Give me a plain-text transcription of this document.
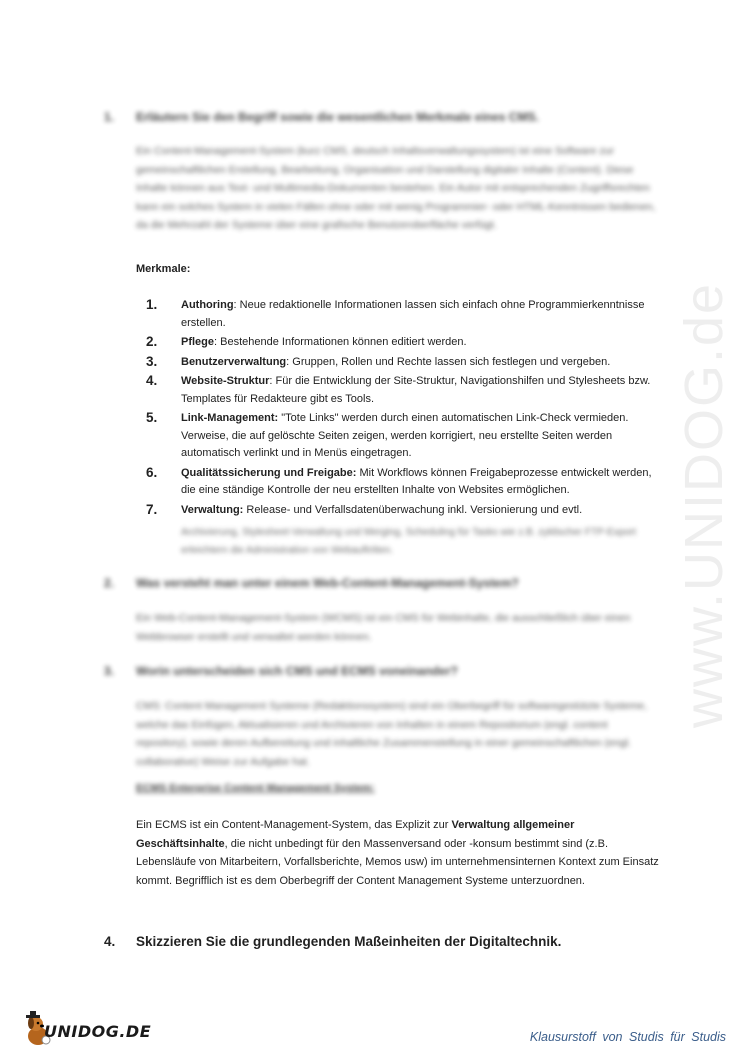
www.UNIDOG.de
1.	Erläutern Sie den Begriff sowie die wesentlichen Merkmale eines CMS.
Ein Content-Management-System (kurz CMS, deutsch Inhaltsverwaltungssystem) ist eine Software zur gemeinschaftlichen Erstellung, Bearbeitung, Organisation und Darstellung digitaler Inhalte (Content). Diese Inhalte können aus Text- und Multimedia-Dokumenten bestehen. Ein Autor mit entsprechenden Zugriffsrechten kann ein solches System in vielen Fällen ohne oder mit wenig Programmier- oder HTML-Kenntnissen bedienen, da die Mehrzahl der Systeme über eine grafische Benutzeroberfläche verfügt.
Merkmale:
1. Authoring: Neue redaktionelle Informationen lassen sich einfach ohne Programmierkenntnisse erstellen.
2. Pflege: Bestehende Informationen können editiert werden.
3. Benutzerverwaltung: Gruppen, Rollen und Rechte lassen sich festlegen und vergeben.
4. Website-Struktur: Für die Entwicklung der Site-Struktur, Navigationshilfen und Stylesheets bzw. Templates für Redakteure gibt es Tools.
5. Link-Management: "Tote Links" werden durch einen automatischen Link-Check vermieden. Verweise, die auf gelöschte Seiten zeigen, werden korrigiert, neu erstellte Seiten werden automatisch verlinkt und in Menüs eingetragen.
6. Qualitätssicherung und Freigabe: Mit Workflows können Freigabeprozesse entwickelt werden, die eine ständige Kontrolle der neu erstellten Inhalte von Websites ermöglichen.
7. Verwaltung: Release- und Verfallsdatenüberwachung inkl. Versionierung und evtl.
Archivierung, Stylesheet-Verwaltung und Merging, Scheduling für Tasks wie z.B. zyklischer FTP-Export erleichtern die Administration von Webauftritten.
2.	Was versteht man unter einem Web-Content-Management-System?
Ein Web-Content-Management-System (WCMS) ist ein CMS für Webinhalte, die ausschließlich über einen Webbrowser erstellt und verwaltet werden können.
3.	Worin unterscheiden sich CMS und ECMS voneinander?
CMS: Content Management Systeme (Redaktionssystem) sind ein Oberbegriff für softwaregestützte Systeme, welche das Einfügen, Aktualisieren und Archivieren von Inhalten in einem Repositorium (engl. content repository), sowie deren Aufbereitung und inhaltliche Zusammenstellung in einer gemeinschaftlichen (engl. collaborative) Weise zur Aufgabe hat.
ECMS Enterprise Content Management System:
Ein ECMS ist ein Content-Management-System, das Explizit zur Verwaltung allgemeiner Geschäftsinhalte, die nicht unbedingt für den Massenversand oder -konsum bestimmt sind (z.B. Lebensläufe von Mitarbeitern, Vorfallsberichte, Memos usw) im unternehmensinternen Kontext zum Einsatz kommt. Begrifflich ist es dem Oberbegriff der Content Management Systeme unterzuordnen.
4. Skizzieren Sie die grundlegenden Maßeinheiten der Digitaltechnik.
UNIDOG.DE	Klausurstoff von Studis für Studis
